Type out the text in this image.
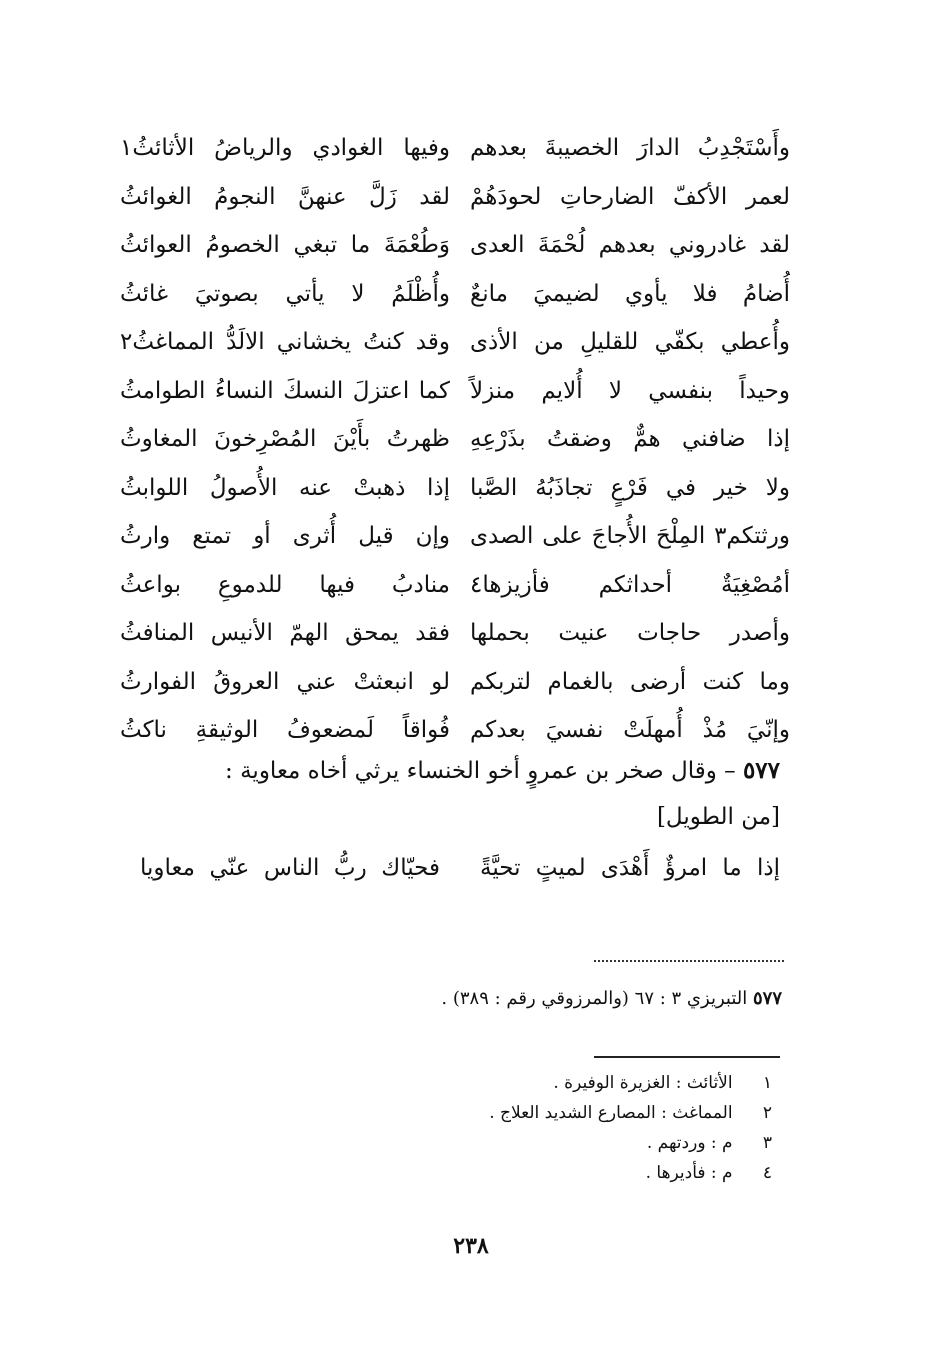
وأَسْتَجْدِبُ الدارَ الخصيبةَ بعدهم
وفيها الغوادي والرياضُ الأثائثُ١
لعمر الأكفّ الضارحاتِ لحودَهُمْ
لقد زَلَّ عنهنَّ النجومُ الغوائثُ
لقد غادروني بعدهم لُحْمَةَ العدى
وَطُعْمَةَ ما تبغي الخصومُ العوائثُ
أُضامُ فلا يأوي لضيميَ مانعٌ
وأُظْلَمُ لا يأتي بصوتيَ غائثُ
وأُعطي بكفّي للقليلِ من الأذى
وقد كنتُ يخشاني الالَدُّ المماغثُ٢
وحيداً بنفسي لا أُلايم منزلاً
كما اعتزلَ النسكَ النساءُ الطوامثُ
إذا ضافني همٌّ وضقتُ بذَرْعِهِ
ظهرتُ بأَيْنَ المُصْرِخونَ المغاوثُ
ولا خير في فَرْعٍ تجاذَبُهُ الصَّبا
إذا ذهبتْ عنه الأُصولُ اللوابثُ
ورثتكم٣ المِلْحَ الأُجاجَ على الصدى
وإن قيل أُثرى أو تمتع وارثُ
أمُصْغِيَةٌ أحداثكم فأزيزها٤
منادبُ فيها للدموعِ بواعثُ
وأصدر حاجات عنيت بحملها
فقد يمحق الهمّ الأنيس المنافثُ
وما كنت أرضى بالغمام لتربكم
لو انبعثتْ عني العروقُ الفوارثُ
وإنّيَ مُذْ أُمهلَتْ نفسيَ بعدكم
فُواقاً لَمضعوفُ الوثيقةِ ناكثُ
٥٧٧ – وقال صخر بن عمروٍ أخو الخنساء يرثي أخاه معاوية :
[من الطويل]
إذا ما امرؤٌ أَهْدَى لميتٍ تحيَّةً
فحيّاك ربُّ الناس عنّي معاويا
٥٧٧ التبريزي ٣ : ٦٧ (والمرزوقي رقم : ٣٨٩) .
١ الأثائث : الغزيرة الوفيرة .
٢ المماغث : المصارع الشديد العلاج .
٣ م : وردتهم .
٤ م : فأديرها .
٢٣٨
